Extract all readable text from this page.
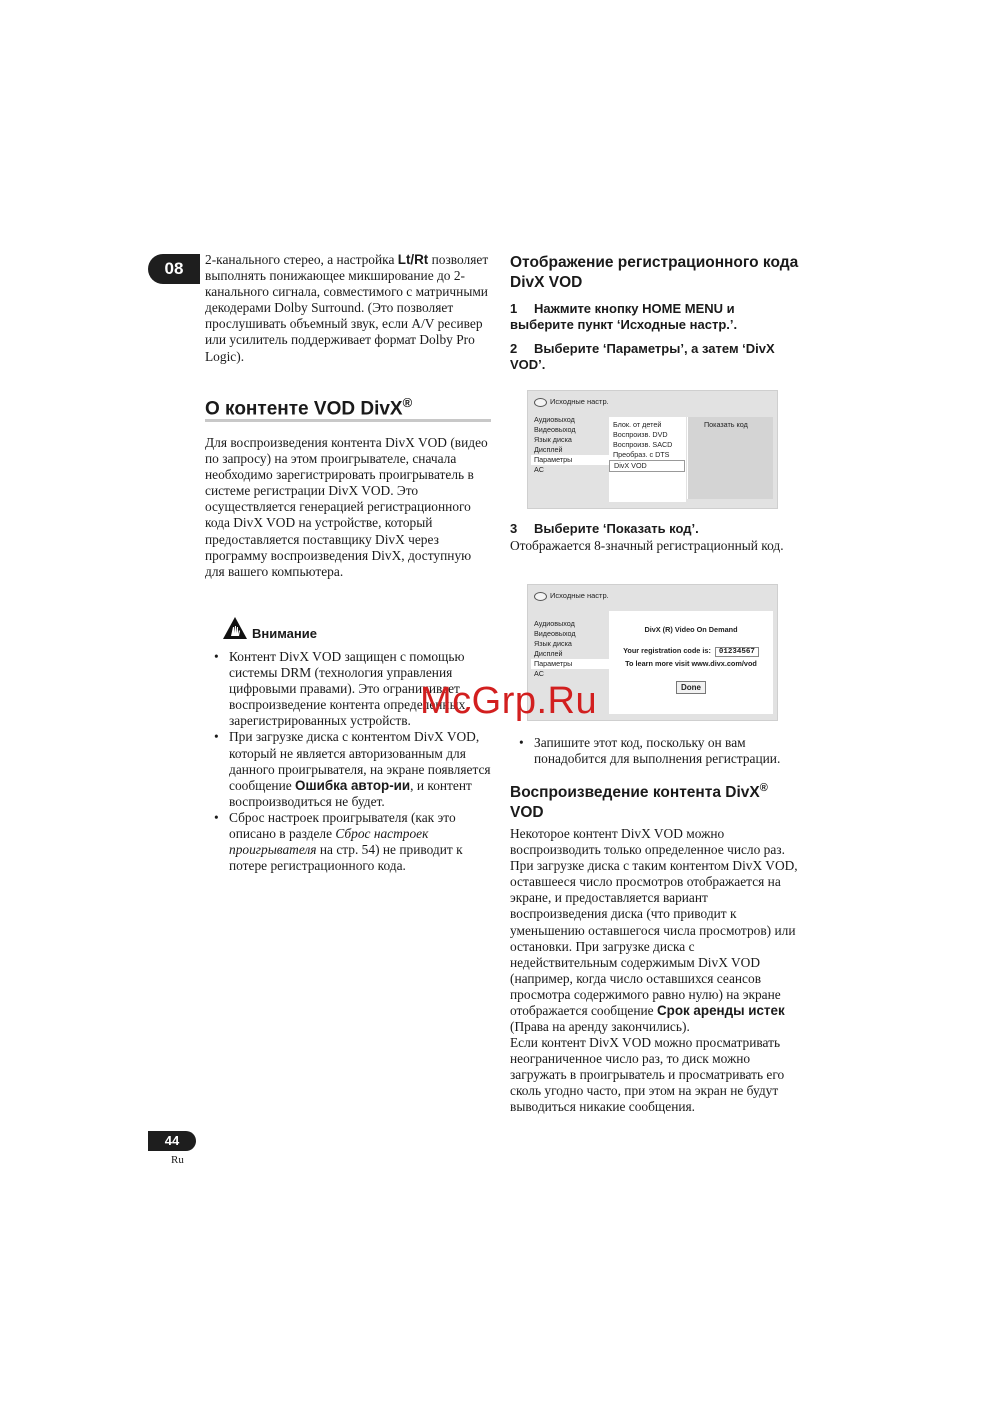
08	2-канального стерео, а настройка Lt/Rt позволяет выполнять понижающее микширование до 2-канального сигнала, совместимого с матричными декодерами Dolby Surround. (Это позволяет прослушивать объемный звук, если A/V ресивер или усилитель поддерживает формат Dolby Pro Logic).
О контенте VOD DivX®
Для воспроизведения контента DivX VOD (видео по запросу) на этом проигрывателе, сначала необходимо зарегистрировать проигрыватель в системе регистрации DivX VOD. Это осуществляется генерацией регистрационного кода DivX VOD на устройстве, который предоставляется поставщику DivX через программу воспроизведения DivX, доступную для вашего компьютера.
Внимание
• Контент DivX VOD защищен с помощью системы DRM (технология управления цифровыми правами). Это ограничивает воспроизведение контента определенных зарегистрированных устройств.
• При загрузке диска с контентом DivX VOD, который не является авторизованным для данного проигрывателя, на экране появляется сообщение Ошибка автор-ии, и контент воспроизводиться не будет.
• Сброс настроек проигрывателя (как это описано в разделе Сброс настроек проигрывателя на стр. 54) не приводит к потере регистрационного кода.
Отображение регистрационного кода DivX VOD
1 Нажмите кнопку HOME MENU и выберите пункт ‘Исходные настр.’.
2 Выберите ‘Параметры’, а затем ‘DivX VOD’.
Исходные настр.
Аудиовыход
Видеовыход
Язык диска
Дисплей
Параметры
AC
Блок. от детей
Воспроизв. DVD
Воспроизв. SACD
Преобраз. с DTS
DivX VOD
Показать код
3 Выберите ‘Показать код’.
Отображается 8-значный регистрационный код.
Исходные настр.
Аудиовыход
Видеовыход
Язык диска
Дисплей
Параметры
AC
DivX (R) Video On Demand
Your registration code is: 01234567
To learn more visit www.divx.com/vod
Done
• Запишите этот код, поскольку он вам понадобится для выполнения регистрации.
Воспроизведение контента DivX®
VOD
Некоторое контент DivX VOD можно воспроизводить только определенное число раз. При загрузке диска с таким контентом DivX VOD, оставшееся число просмотров отображается на экране, и предоставляется вариант воспроизведения диска (что приводит к уменьшению оставшегося числа просмотров) или остановки. При загрузке диска с недействительным содержимым DivX VOD (например, когда число оставшихся сеансов просмотра содержимого равно нулю) на экране отображается сообщение Срок аренды истек (Права на аренду закончились).
Если контент DivX VOD можно просматривать неограниченное число раз, то диск можно загружать в проигрыватель и просматривать его сколь угодно часто, при этом на экран не будут выводиться никакие сообщения.
44
Ru
McGrp.Ru
